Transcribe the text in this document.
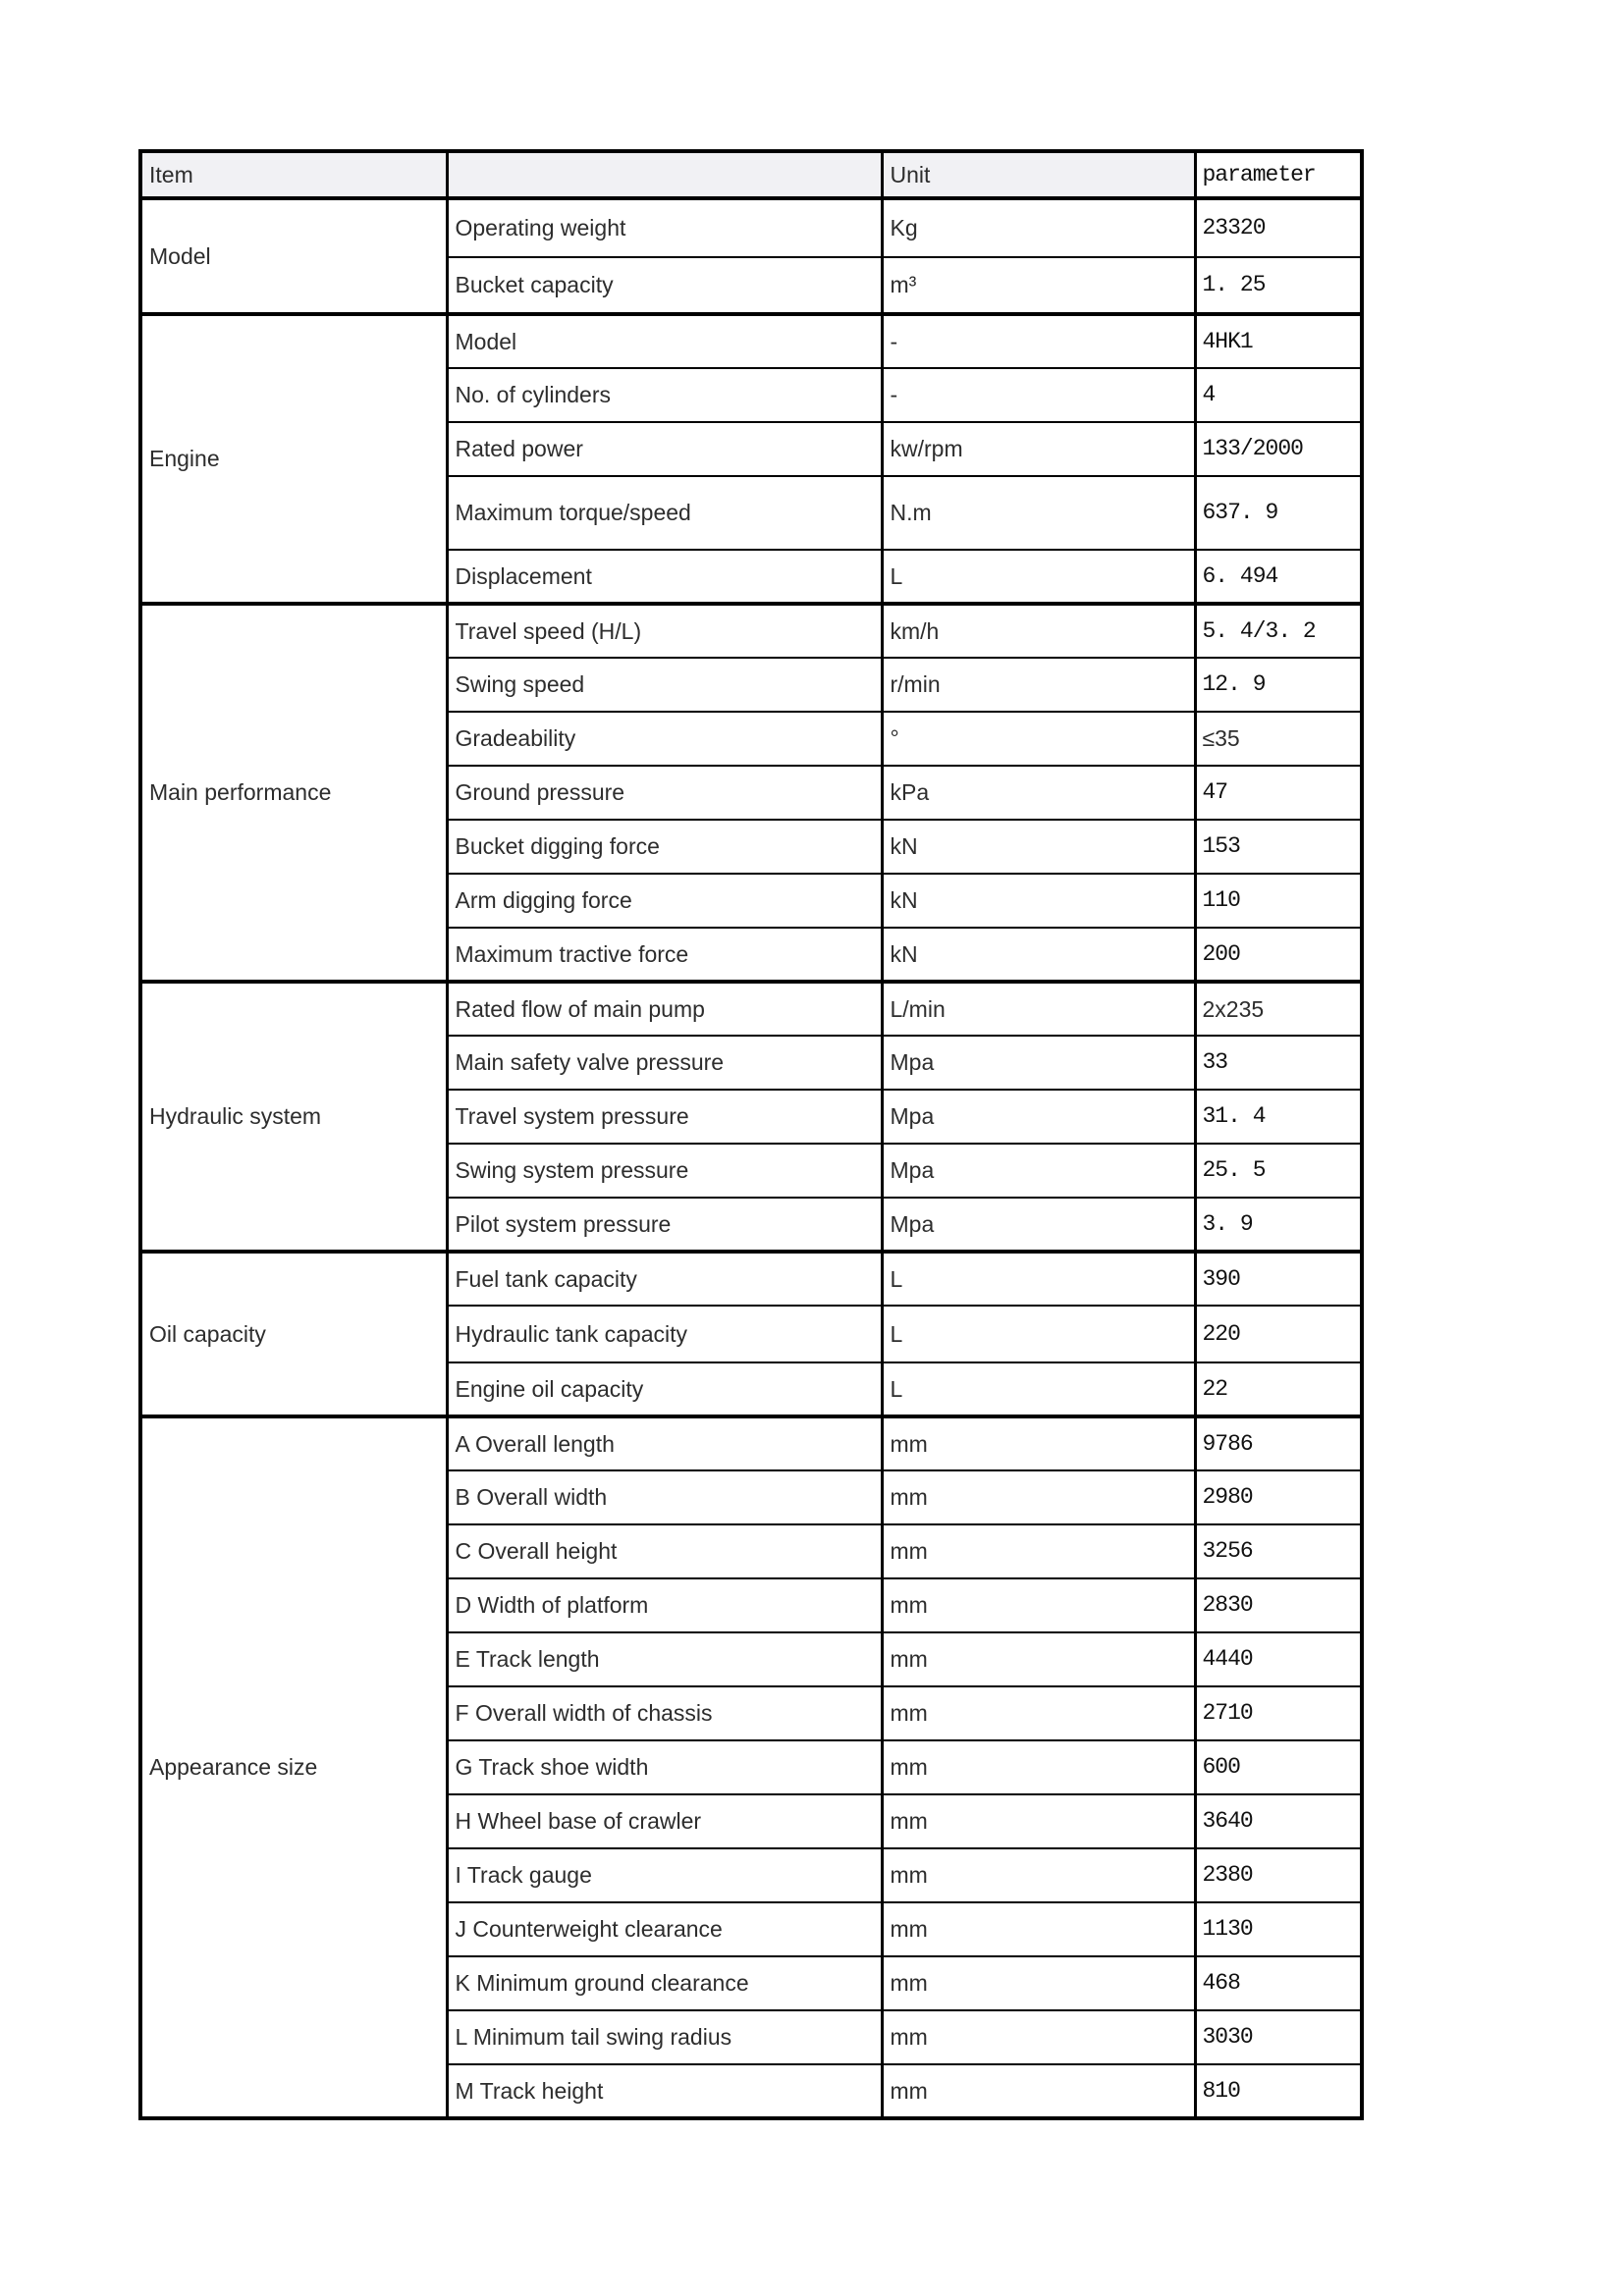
Item		Unit	parameter
Model	Operating weight	Kg	23320
	Bucket capacity	m³	1. 25
Engine	Model	-	4HK1
	No. of cylinders	-	4
	Rated power	kw/rpm	133/2000
	Maximum torque/speed	N.m	637. 9
	Displacement	L	6. 494
Main performance	Travel speed (H/L)	km/h	5. 4/3. 2
	Swing speed	r/min	12. 9
	Gradeability	°	≤35
	Ground pressure	kPa	47
	Bucket digging force	kN	153
	Arm digging force	kN	110
	Maximum tractive force	kN	200
Hydraulic system	Rated flow of main pump	L/min	2x235
	Main safety valve pressure	Mpa	33
	Travel system pressure	Mpa	31. 4
	Swing system pressure	Mpa	25. 5
	Pilot system pressure	Mpa	3. 9
Oil capacity	Fuel tank capacity	L	390
	Hydraulic tank capacity	L	220
	Engine oil capacity	L	22
Appearance size	A Overall length	mm	9786
	B Overall width	mm	2980
	C Overall height	mm	3256
	D Width of platform	mm	2830
	E Track length	mm	4440
	F Overall width of chassis	mm	2710
	G Track shoe width	mm	600
	H Wheel base of crawler	mm	3640
	I Track gauge	mm	2380
	J Counterweight clearance	mm	1130
	K Minimum ground clearance	mm	468
	L Minimum tail swing radius	mm	3030
	M Track height	mm	810
